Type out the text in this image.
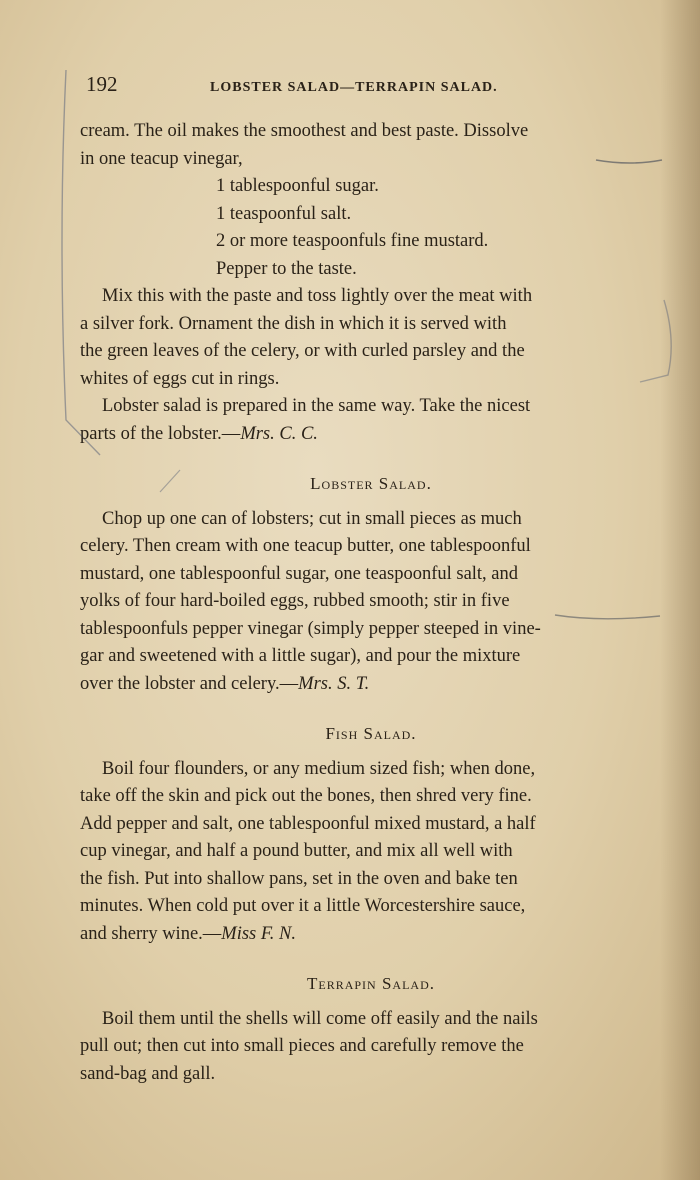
192	LOBSTER SALAD—TERRAPIN SALAD.
cream. The oil makes the smoothest and best paste. Dissolve
in one teacup vinegar,
1 tablespoonful sugar.
1 teaspoonful salt.
2 or more teaspoonfuls fine mustard.
Pepper to the taste.
Mix this with the paste and toss lightly over the meat with
a silver fork. Ornament the dish in which it is served with
the green leaves of the celery, or with curled parsley and the
whites of eggs cut in rings.
Lobster salad is prepared in the same way. Take the nicest
parts of the lobster.—Mrs. C. C.
Lobster Salad.
Chop up one can of lobsters; cut in small pieces as much
celery. Then cream with one teacup butter, one tablespoonful
mustard, one tablespoonful sugar, one teaspoonful salt, and
yolks of four hard-boiled eggs, rubbed smooth; stir in five
tablespoonfuls pepper vinegar (simply pepper steeped in vine-
gar and sweetened with a little sugar), and pour the mixture
over the lobster and celery.—Mrs. S. T.
Fish Salad.
Boil four flounders, or any medium sized fish; when done,
take off the skin and pick out the bones, then shred very fine.
Add pepper and salt, one tablespoonful mixed mustard, a half
cup vinegar, and half a pound butter, and mix all well with
the fish. Put into shallow pans, set in the oven and bake ten
minutes. When cold put over it a little Worcestershire sauce,
and sherry wine.—Miss F. N.
Terrapin Salad.
Boil them until the shells will come off easily and the nails
pull out; then cut into small pieces and carefully remove the
sand-bag and gall.
